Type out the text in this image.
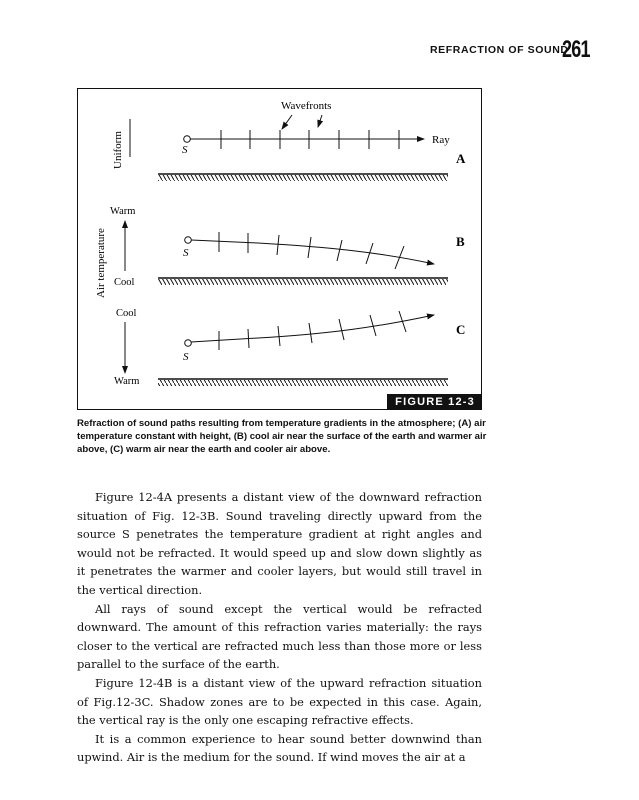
REFRACTION OF SOUND
261
Wavefronts
Uniform	S
Ray
A
Air temperature
Warm
Cool
S
B
Cool
Warm
S
C
FIGURE 12-3
Refraction of sound paths resulting from temperature gradients in the atmosphere; (A) air temperature constant with height, (B) cool air near the surface of the earth and warmer air above, (C) warm air near the earth and cooler air above.

Figure 12-4A presents a distant view of the downward refraction situation of Fig. 12-3B. Sound traveling directly upward from the source S penetrates the temperature gradient at right angles and would not be refracted. It would speed up and slow down slightly as it penetrates the warmer and cooler layers, but would still travel in the vertical direction.

All rays of sound except the vertical would be refracted downward. The amount of this refraction varies materially: the rays closer to the vertical are refracted much less than those more or less parallel to the surface of the earth.

Figure 12-4B is a distant view of the upward refraction situation of Fig.12-3C. Shadow zones are to be expected in this case. Again, the vertical ray is the only one escaping refractive effects.

It is a common experience to hear sound better downwind than upwind. Air is the medium for the sound. If wind moves the air at a
